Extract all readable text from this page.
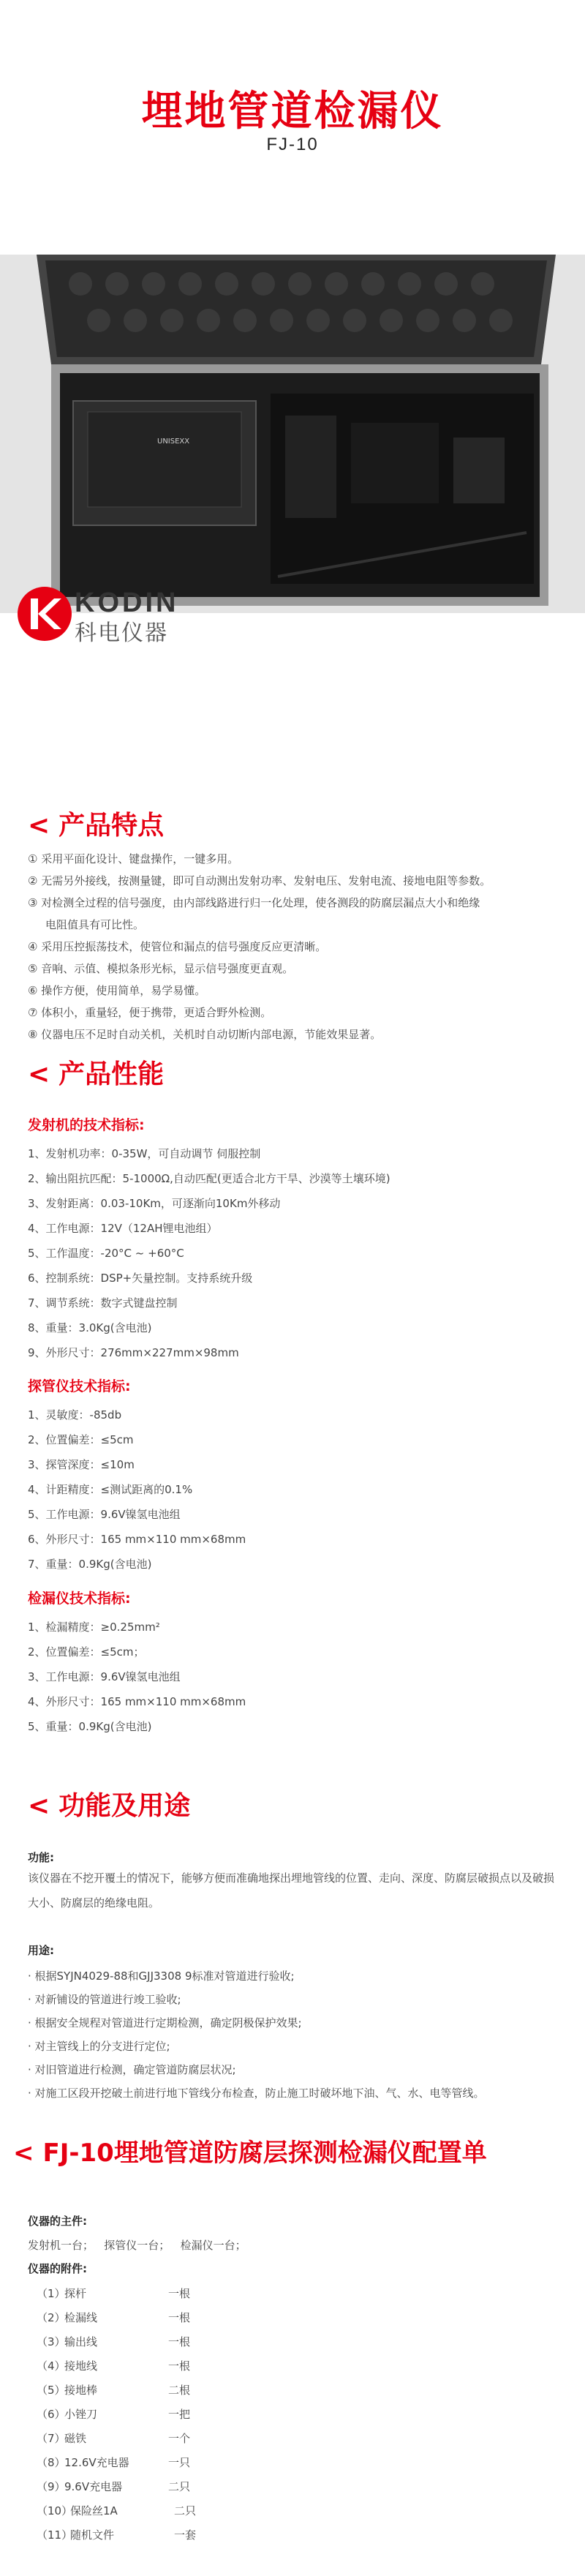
埋地管道检漏仪
FJ-10
UNISEXX
KODIN
科电仪器
< 产品特点
① 采用平面化设计、键盘操作，一键多用。
② 无需另外接线，按测量键，即可自动测出发射功率、发射电压、发射电流、接地电阻等参数。
③ 对检测全过程的信号强度，由内部线路进行归一化处理，使各测段的防腐层漏点大小和绝缘
电阻值具有可比性。
④ 采用压控振荡技术，使管位和漏点的信号强度反应更清晰。
⑤ 音响、示值、模拟条形光标，显示信号强度更直观。
⑥ 操作方便，使用简单，易学易懂。
⑦ 体积小，重量轻，便于携带，更适合野外检测。
⑧ 仪器电压不足时自动关机，关机时自动切断内部电源，节能效果显著。
< 产品性能
发射机的技术指标:
1、发射机功率：0-35W，可自动调节 伺服控制
2、输出阻抗匹配：5-1000Ω,自动匹配(更适合北方干旱、沙漠等土壤环境)
3、发射距离：0.03-10Km，可逐渐向10Km外移动
4、工作电源：12V（12AH锂电池组）
5、工作温度：-20°C ~ +60°C
6、控制系统：DSP+矢量控制。支持系统升级
7、调节系统：数字式键盘控制
8、重量：3.0Kg(含电池)
9、外形尺寸：276mm×227mm×98mm
探管仪技术指标:
1、灵敏度：-85db
2、位置偏差：≤5cm
3、探管深度：≤10m
4、计距精度：≤测试距离的0.1%
5、工作电源：9.6V镍氢电池组
6、外形尺寸：165 mm×110 mm×68mm
7、重量：0.9Kg(含电池)
检漏仪技术指标:
1、检漏精度：≥0.25mm²
2、位置偏差：≤5cm；
3、工作电源：9.6V镍氢电池组
4、外形尺寸：165 mm×110 mm×68mm
5、重量：0.9Kg(含电池)
< 功能及用途
功能:
该仪器在不挖开覆土的情况下，能够方便而准确地探出埋地管线的位置、走向、深度、防腐层破损点以及破损大小、防腐层的绝缘电阻。
用途:
· 根据SYJN4029-88和GJJ3308 9标准对管道进行验收;
· 对新铺设的管道进行竣工验收;
· 根据安全规程对管道进行定期检测，确定阴极保护效果;
· 对主管线上的分支进行定位;
· 对旧管道进行检测，确定管道防腐层状况;
· 对施工区段开挖破土前进行地下管线分布检查，防止施工时破坏地下油、气、水、电等管线。
< FJ-10埋地管道防腐层探测检漏仪配置单
仪器的主件:
发射机一台；   探管仪一台；   检漏仪一台；
仪器的附件:
（1）
探杆	一根
（2）
检漏线	一根
（3）
输出线	一根
（4）
接地线	一根
（5）
接地棒	二根
（6）
小锉刀	一把
（7）
磁铁	一个
（8）
12.6V充电器	一只
（9）
9.6V充电器	二只
（10）
保险丝1A	二只
（11）
随机文件	一套
